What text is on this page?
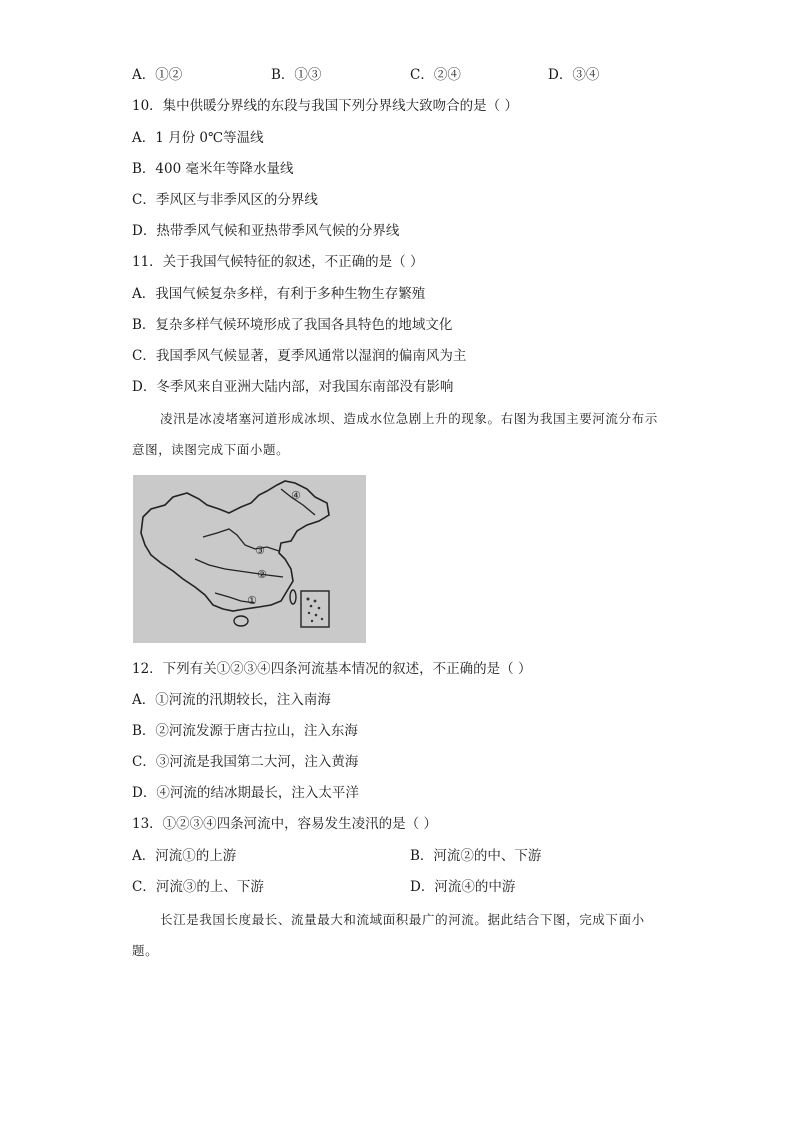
A．①②	B．①③	C．②④	D．③④
10．集中供暖分界线的东段与我国下列分界线大致吻合的是（ ）
A．1 月份 0℃等温线
B．400 毫米年等降水量线
C．季风区与非季风区的分界线
D．热带季风气候和亚热带季风气候的分界线
11．关于我国气候特征的叙述，不正确的是（ ）
A．我国气候复杂多样，有利于多种生物生存繁殖
B．复杂多样气候环境形成了我国各具特色的地域文化
C．我国季风气候显著，夏季风通常以湿润的偏南风为主
D．冬季风来自亚洲大陆内部，对我国东南部没有影响
凌汛是冰凌堵塞河道形成冰坝、造成水位急剧上升的现象。右图为我国主要河流分布示意图，读图完成下面小题。
④
③
②
①
12．下列有关①②③④四条河流基本情况的叙述，不正确的是（ ）
A．①河流的汛期较长，注入南海
B．②河流发源于唐古拉山，注入东海
C．③河流是我国第二大河，注入黄海
D．④河流的结冰期最长，注入太平洋
13．①②③④四条河流中，容易发生凌汛的是（ ）
A．河流①的上游	B．河流②的中、下游
C．河流③的上、下游	D．河流④的中游
长江是我国长度最长、流量最大和流域面积最广的河流。据此结合下图，完成下面小题。
